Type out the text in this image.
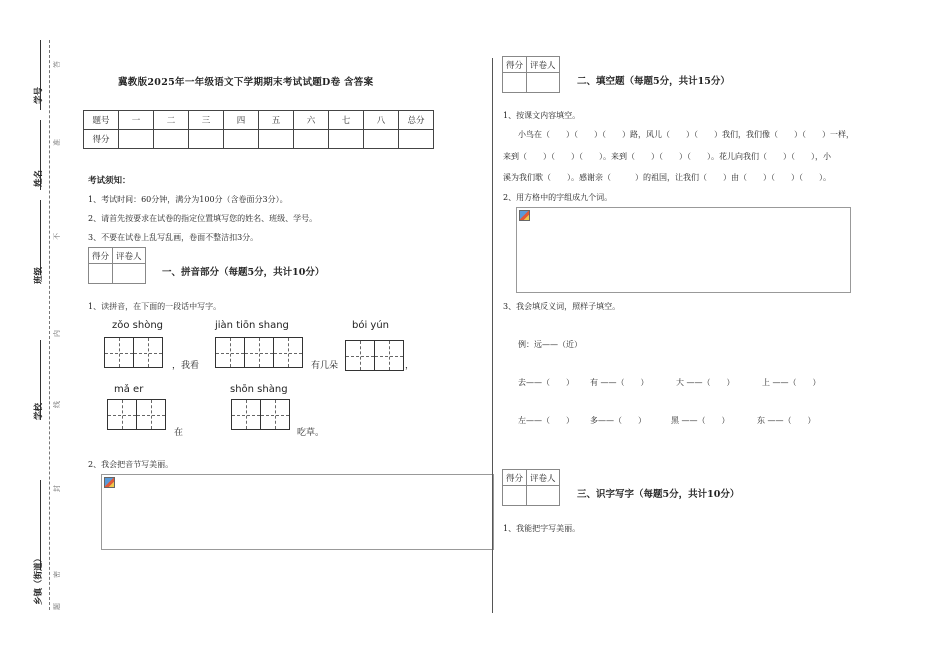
学号
姓名
班级
学校
乡镇（街道）
答
准
不
内
线
封
密
题
冀教版2025年一年级语文下学期期末考试试题D卷 含答案
题号	一	二	三	四	五	六	七	八	总分
得分									
考试须知：
1、考试时间：60分钟，满分为100分（含卷面分3分）。
2、请首先按要求在试卷的指定位置填写您的姓名、班级、学号。
3、不要在试卷上乱写乱画，卷面不整洁扣3分。
得分	评卷人

一、拼音部分（每题5分，共计10分）
1、读拼音，在下面的一段话中写字。
zǒo shòng	jiàn tiōn shang	bói yún
，我看	有几朵	，
mǎ er	shōn shàng
在	吃草。
2、我会把音节写美丽。
得分	评卷人

二、填空题（每题5分，共计15分）
1、按课文内容填空。
小鸟在（　　）（　　）（　　）路，风儿（　　）（　　）我们，我们像（　　）（　　）一样，
来到（　　）（　　）（　　）。来到（　　）（　　）（　　）。花儿向我们（　　）（　　），小
溪为我们歌（　　）。感谢亲（　　　）的祖国，让我们（　　）由（　　）（　　）（　　）。
2、用方格中的字组成九个词。
3、我会填反义词，照样子填空。
例：远——（近）
去——（　　） 有 ——（　　）	大 ——（　　）	上 ——（　　）
左——（　　） 多——（　　）	黑 ——（　　）	东 ——（　　）
得分	评卷人

三、识字写字（每题5分，共计10分）
1、我能把字写美丽。
